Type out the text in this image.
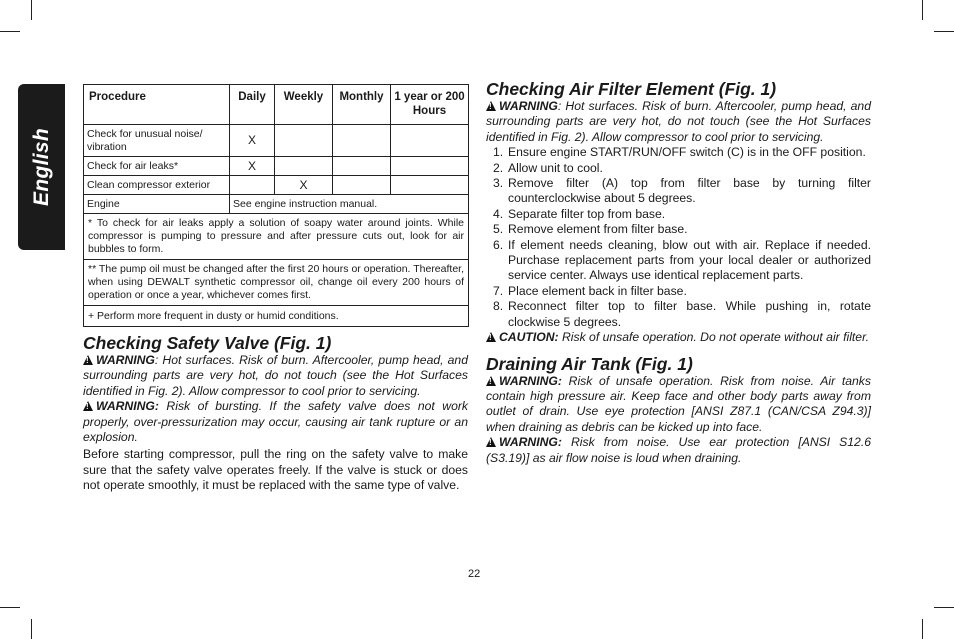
English
Procedure	Daily	Weekly	Monthly	1 year or 200 Hours
Check for unusual noise/ vibration	X			
Check for air leaks*	X			
Clean compressor exterior		X		
Engine	See engine instruction manual.			
* To check for air leaks apply a solution of soapy water around joints. While compressor is pumping to pressure and after pressure cuts out, look for air bubbles to form.				
** The pump oil must be changed after the first 20 hours or operation. Thereafter, when using DEWALT synthetic compressor oil, change oil every 200 hours of operation or once a year, whichever comes first.				
+ Perform more frequent in dusty or humid conditions.				
Checking Safety Valve (Fig. 1)

!WARNING: Hot surfaces. Risk of burn. Aftercooler, pump head, and surrounding parts are very hot, do not touch (see the Hot Surfaces identified in Fig. 2). Allow compressor to cool prior to servicing.

!WARNING: Risk of bursting. If the safety valve does not work properly, over-pressurization may occur, causing air tank rupture or an explosion.

Before starting compressor, pull the ring on the safety valve to make sure that the safety valve operates freely. If the valve is stuck or does not operate smoothly, it must be replaced with the same type of valve.

Checking Air Filter Element (Fig. 1)

!WARNING: Hot surfaces. Risk of burn. Aftercooler, pump head, and surrounding parts are very hot, do not touch (see the Hot Surfaces identified in Fig. 2). Allow compressor to cool prior to servicing.

1. Ensure engine START/RUN/OFF switch (C) is in the OFF position.
2. Allow unit to cool.
3. Remove filter (A) top from filter base by turning filter counterclockwise about 5 degrees.
4. Separate filter top from base.
5. Remove element from filter base.
6. If element needs cleaning, blow out with air. Replace if needed. Purchase replacement parts from your local dealer or authorized service center. Always use identical replacement parts.
7. Place element back in filter base.
8. Reconnect filter top to filter base. While pushing in, rotate clockwise 5 degrees.

!CAUTION: Risk of unsafe operation. Do not operate without air filter.

Draining Air Tank (Fig. 1)

!WARNING: Risk of unsafe operation. Risk from noise. Air tanks contain high pressure air. Keep face and other body parts away from outlet of drain. Use eye protection [ANSI Z87.1 (CAN/CSA Z94.3)] when draining as debris can be kicked up into face.

!WARNING: Risk from noise. Use ear protection [ANSI S12.6 (S3.19)] as air flow noise is loud when draining.

22
